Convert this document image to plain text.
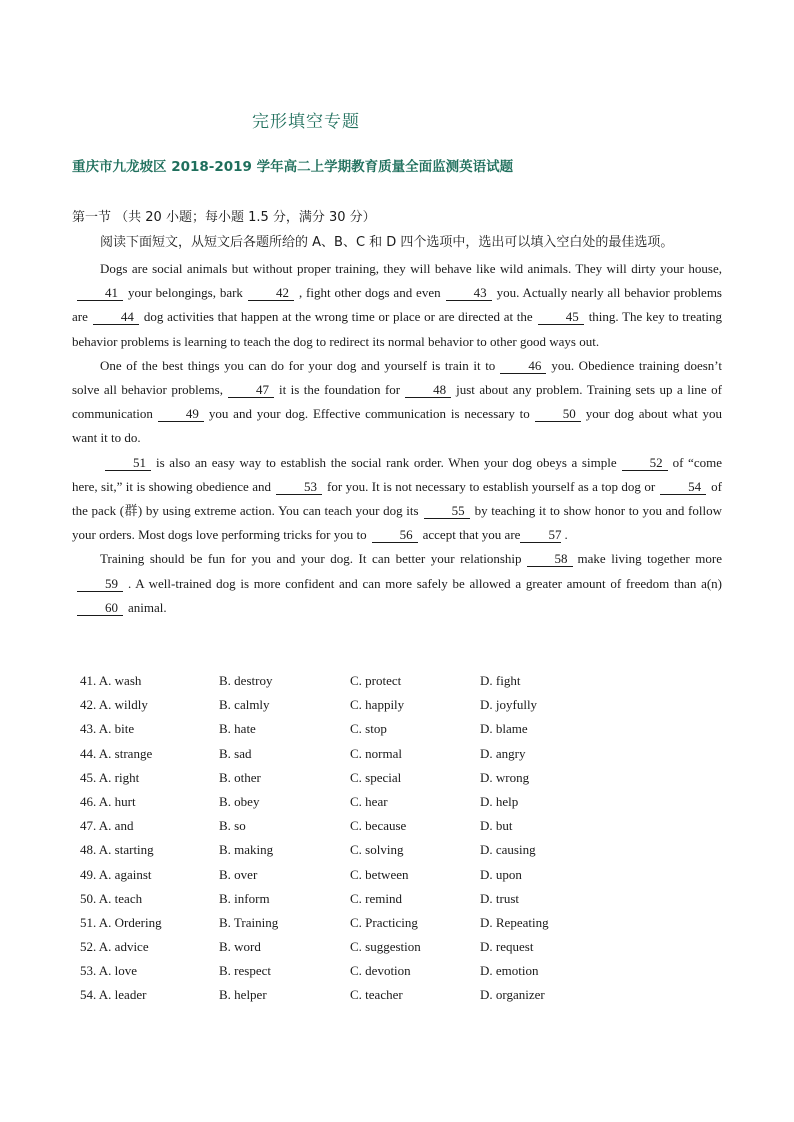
完形填空专题
重庆市九龙坡区 2018-2019 学年高二上学期教育质量全面监测英语试题
第一节 （共 20 小题；每小题 1.5 分，满分 30 分）
阅读下面短文，从短文后各题所给的 A、B、C 和 D 四个选项中，选出可以填入空白处的最佳选项。

Dogs are social animals but without proper training, they will behave like wild animals. They will dirty your house,41 your belongings, bark	42 , fight other dogs and even	43 you. Actually nearly all behavior problems are	44 dog activities that happen at the wrong time or place or are directed at the	45 thing. The key to treating behavior problems is learning to teach the dog to redirect its normal behavior to other good ways out.

One of the best things you can do for your dog and yourself is train it to	46 you. Obedience training doesn’t solve all behavior problems,	47 it is the foundation for	48 just about any problem. Training sets up a line of communication	49 you and your dog. Effective communication is necessary to	50 your dog about what you want it to do.

51 is also an easy way to establish the social rank order. When your dog obeys a simple	52 of “come here, sit,” it is showing obedience and	53 for you. It is not necessary to establish yourself as a top dog or	54 of the pack (群) by using extreme action. You can teach your dog its	55 by teaching it to show honor to you and follow your orders. Most dogs love performing tricks for you to	56 accept that you are 57 .

Training should be fun for you and your dog. It can better your relationship	58 make living together more59 . A well-trained dog is more confident and can more safely be allowed a greater amount of freedom than a(n)60 animal.

41. A. wash	B. destroy	C. protect	D. fight
42. A. wildly	B. calmly	C. happily	D. joyfully
43. A. bite	B. hate	C. stop	D. blame
44. A. strange	B. sad	C. normal	D. angry
45. A. right	B. other	C. special	D. wrong
46. A. hurt	B. obey	C. hear	D. help
47. A. and	B. so	C. because	D. but
48. A. starting	B. making	C. solving	D. causing
49. A. against	B. over	C. between	D. upon
50. A. teach	B. inform	C. remind	D. trust
51. A. Ordering	B. Training	C. Practicing	D. Repeating
52. A. advice	B. word	C. suggestion	D. request
53. A. love	B. respect	C. devotion	D. emotion
54. A. leader	B. helper	C. teacher	D. organizer
